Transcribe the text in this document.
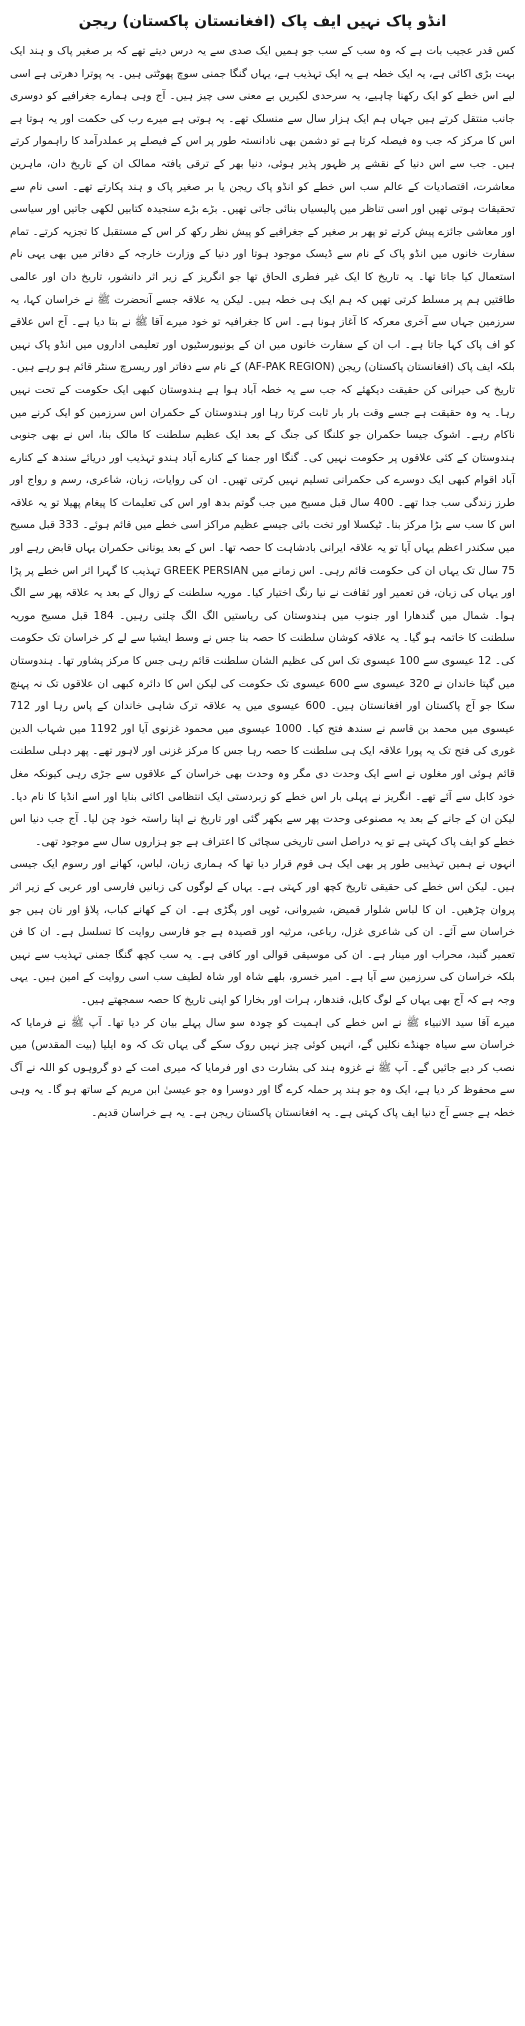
انڈو پاک نہیں ایف پاک (افغانستان پاکستان) ریجن

کس قدر عجیب بات ہے کہ وہ سب کے سب جو ہمیں ایک صدی سے یہ درس دیتے تھے کہ بر صغیر پاک و ہند ایک بہت بڑی اکائی ہے، یہ ایک خطہ ہے یہ ایک تہذیب ہے، یہاں گنگا جمنی سوچ پھوٹتی ہیں۔ یہ پوترا دھرتی ہے اسی لیے اس خطے کو ایک رکھنا چاہیے، یہ سرحدی لکیریں بے معنی سی چیز ہیں۔ آج وہی ہمارے جغرافیے کو دوسری جانب منتقل کرتے ہیں جہاں ہم ایک ہزار سال سے منسلک تھے۔ یہ ہوتی ہے میرے رب کی حکمت اور یہ ہوتا ہے اس کا مرکز کہ جب وہ فیصلہ کرتا ہے تو دشمن بھی نادانستہ طور پر اس کے فیصلے پر عملدرآمد کا راہموار کرتے ہیں۔ جب سے اس دنیا کے نقشے پر ظہور پذیر ہوئی، دنیا بھر کے ترقی یافتہ ممالک ان کے تاریخ دان، ماہرین معاشرت، اقتصادیات کے عالم سب اس خطے کو انڈو پاک ریجن یا بر صغیر پاک و ہند پکارتے تھے۔ اسی نام سے تحقیقات ہوتی تھیں اور اسی تناظر میں پالیسیاں بنائی جاتی تھیں۔ بڑے بڑے سنجیدہ کتابیں لکھی جاتیں اور سیاسی اور معاشی جائزے پیش کرتے تو پھر بر صغیر کے جغرافیے کو پیش نظر رکھ کر اس کے مستقبل کا تجزیہ کرتے۔ تمام سفارت خانوں میں انڈو پاک کے نام سے ڈیسک موجود ہوتا اور دنیا کے وزارت خارجہ کے دفاتر میں بھی یہی نام استعمال کیا جاتا تھا۔ یہ تاریخ کا ایک غیر فطری الحاق تھا جو انگریز کے زیر اثر دانشور، تاریخ دان اور عالمی طاقتیں ہم پر مسلط کرتی تھیں کہ ہم ایک ہی خطہ ہیں۔ لیکن یہ علاقہ جسے آنحضرت ﷺ نے خراسان کہا، یہ سرزمین جہاں سے آخری معرکہ کا آغاز ہونا ہے۔ اس کا جغرافیہ تو خود میرے آقا ﷺ نے بتا دیا ہے۔ آج اس علاقے کو اف پاک کہا جاتا ہے۔ اب ان کے سفارت خانوں میں ان کے یونیورسٹیوں اور تعلیمی اداروں میں انڈو پاک نہیں بلکہ ایف پاک (افغانستان پاکستان) ریجن (AF-PAK REGION) کے نام سے دفاتر اور ریسرچ سنٹر قائم ہو رہے ہیں۔

تاریخ کی حیرانی کن حقیقت دیکھئے کہ جب سے یہ خطہ آباد ہوا ہے ہندوستان کبھی ایک حکومت کے تحت نہیں رہا۔ یہ وہ حقیقت ہے جسے وقت بار بار ثابت کرتا رہا اور ہندوستان کے حکمران اس سرزمین کو ایک کرنے میں ناکام رہے۔ اشوک جیسا حکمران جو کلنگا کی جنگ کے بعد ایک عظیم سلطنت کا مالک بنا، اس نے بھی جنوبی ہندوستان کے کئی علاقوں پر حکومت نہیں کی۔ گنگا اور جمنا کے کنارے آباد ہندو تہذیب اور دریائے سندھ کے کنارے آباد اقوام کبھی ایک دوسرے کی حکمرانی تسلیم نہیں کرتی تھیں۔ ان کی روایات، زبان، شاعری، رسم و رواج اور طرز زندگی سب جدا تھے۔ 400 سال قبل مسیح میں جب گوتم بدھ اور اس کی تعلیمات کا پیغام پھیلا تو یہ علاقہ اس کا سب سے بڑا مرکز بنا۔ ٹیکسلا اور تخت بائی جیسے عظیم مراکز اسی خطے میں قائم ہوئے۔ 333 قبل مسیح میں سکندر اعظم یہاں آیا تو یہ علاقہ ایرانی بادشاہت کا حصہ تھا۔ اس کے بعد یونانی حکمران یہاں قابض رہے اور 75 سال تک یہاں ان کی حکومت قائم رہی۔ اس زمانے میں GREEK PERSIAN تہذیب کا گہرا اثر اس خطے پر پڑا اور یہاں کی زبان، فن تعمیر اور ثقافت نے نیا رنگ اختیار کیا۔ موریہ سلطنت کے زوال کے بعد یہ علاقہ پھر سے الگ ہوا۔ شمال میں گندھارا اور جنوب میں ہندوستان کی ریاستیں الگ الگ چلتی رہیں۔ 184 قبل مسیح موریہ سلطنت کا خاتمہ ہو گیا۔ یہ علاقہ کوشان سلطنت کا حصہ بنا جس نے وسط ایشیا سے لے کر خراسان تک حکومت کی۔ 12 عیسوی سے 100 عیسوی تک اس کی عظیم الشان سلطنت قائم رہی جس کا مرکز پشاور تھا۔ ہندوستان میں گپتا خاندان نے 320 عیسوی سے 600 عیسوی تک حکومت کی لیکن اس کا دائرہ کبھی ان علاقوں تک نہ پہنچ سکا جو آج پاکستان اور افغانستان ہیں۔ 600 عیسوی میں یہ علاقہ ترک شاہی خاندان کے پاس رہا اور 712 عیسوی میں محمد بن قاسم نے سندھ فتح کیا۔ 1000 عیسوی میں محمود غزنوی آیا اور 1192 میں شہاب الدین غوری کی فتح تک یہ پورا علاقہ ایک ہی سلطنت کا حصہ رہا جس کا مرکز غزنی اور لاہور تھے۔ پھر دہلی سلطنت قائم ہوئی اور مغلوں نے اسے ایک وحدت دی مگر وہ وحدت بھی خراسان کے علاقوں سے جڑی رہی کیونکہ مغل خود کابل سے آئے تھے۔ انگریز نے پہلی بار اس خطے کو زبردستی ایک انتظامی اکائی بنایا اور اسے انڈیا کا نام دیا۔ لیکن ان کے جانے کے بعد یہ مصنوعی وحدت پھر سے بکھر گئی اور تاریخ نے اپنا راستہ خود چن لیا۔ آج جب دنیا اس خطے کو ایف پاک کہتی ہے تو یہ دراصل اسی تاریخی سچائی کا اعتراف ہے جو ہزاروں سال سے موجود تھی۔

انہوں نے ہمیں تہذیبی طور پر بھی ایک ہی قوم قرار دیا تھا کہ ہماری زبان، لباس، کھانے اور رسوم ایک جیسی ہیں۔ لیکن اس خطے کی حقیقی تاریخ کچھ اور کہتی ہے۔ یہاں کے لوگوں کی زبانیں فارسی اور عربی کے زیر اثر پروان چڑھیں۔ ان کا لباس شلوار قمیض، شیروانی، ٹوپی اور پگڑی ہے۔ ان کے کھانے کباب، پلاؤ اور نان ہیں جو خراسان سے آئے۔ ان کی شاعری غزل، رباعی، مرثیہ اور قصیدہ ہے جو فارسی روایت کا تسلسل ہے۔ ان کا فن تعمیر گنبد، محراب اور مینار ہے۔ ان کی موسیقی قوالی اور کافی ہے۔ یہ سب کچھ گنگا جمنی تہذیب سے نہیں بلکہ خراسان کی سرزمین سے آیا ہے۔ امیر خسرو، بلھے شاہ اور شاہ لطیف سب اسی روایت کے امین ہیں۔ یہی وجہ ہے کہ آج بھی یہاں کے لوگ کابل، قندھار، ہرات اور بخارا کو اپنی تاریخ کا حصہ سمجھتے ہیں۔

میرے آقا سید الانبیاء ﷺ نے اس خطے کی اہمیت کو چودہ سو سال پہلے بیان کر دیا تھا۔ آپ ﷺ نے فرمایا کہ خراسان سے سیاہ جھنڈے نکلیں گے، انہیں کوئی چیز نہیں روک سکے گی یہاں تک کہ وہ ایلیا (بیت المقدس) میں نصب کر دیے جائیں گے۔ آپ ﷺ نے غزوہ ہند کی بشارت دی اور فرمایا کہ میری امت کے دو گروہوں کو اللہ نے آگ سے محفوظ کر دیا ہے، ایک وہ جو ہند پر حملہ کرے گا اور دوسرا وہ جو عیسیٰ ابن مریم کے ساتھ ہو گا۔ یہ وہی خطہ ہے جسے آج دنیا ایف پاک کہتی ہے۔ یہ افغانستان پاکستان ریجن ہے۔ یہ ہے خراسان قدیم۔
